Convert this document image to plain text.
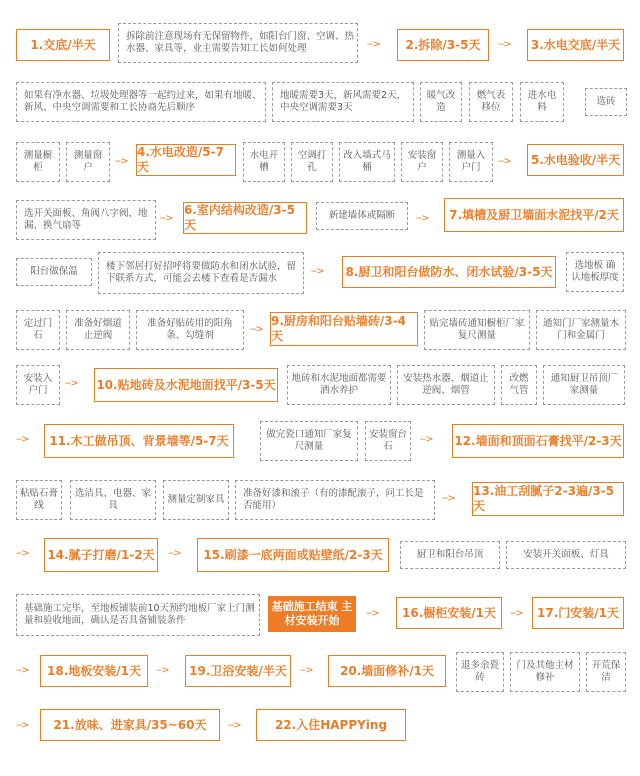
1.交底/半天
拆除前注意现场有无保留物件，如阳台门窗、空调、热水器、家具等，业主需要告知工长如何处理	-->	2.拆除/3-5天	-->	3.水电交底/半天
如果有净水器、垃圾处理器等一起约过来，如果有地暖、新风、中央空调需要和工长协商先后顺序
地暖需要3天，新风需要2天，中央空调需要3天
暖气改造
燃气表移位
进水电料
选砖
测量橱柜
测量窗户
-->
4.水电改造/5-7天
水电开槽
空调打孔
改入墙式马桶
安装窗户
测量入户门
-->	5.水电验收/半天
选开关面板、角阀八字阀、地漏、换气扇等
-->
6.室内结构改造/3-5天
新建墙体或隔断	-->	7.填槽及厨卫墙面水泥找平/2天
阳台做保温	楼下邻居打好招呼将要做防水和闭水试验，留下联系方式，可能会去楼下查看是否漏水
--> 8.厨卫和阳台做防水、闭水试验/3-5天	选地板 确认地板厚度
定过门石
准备好烟道止逆阀
准备好贴砖用的阳角条、勾缝剂
-->
9.厨房和阳台贴墙砖/3-4天
贴完墙砖通知橱柜厂家复尺测量
通知门厂家测量木门和金属门
安装入户门
--> 10.贴地砖及水泥地面找平/3-5天	地砖和水泥地面都需要洒水养护
安装热水器、烟道止逆阀、烟管
改燃气管
通知厨卫吊顶厂家测量
-->	11.木工做吊顶、背景墙等/5-7天	做完瓷口通知厂家复尺测量
安装窗台石
--> 12.墙面和顶面石膏找平/2-3天
粘贴石膏线
选洁具、电器、家具
测量定制家具
准备好漆和滚子（有的漆配滚子，问工长是否能用）
-->
13.油工刮腻子2-3遍/3-5天
--> 14.腻子打磨/1-2天	-->	15.刷漆一底两面或贴壁纸/2-3天	厨卫和阳台吊顶	安装开关面板、灯具
基础施工完毕，至地板铺装前10天预约地板厂家上门测量和验收地面，确认是否具备铺装条件
基础施工结束 主材安装开始
-->	16.橱柜安装/1天	-->	17.门安装/1天
-->	18.地板安装/1天	-->	19.卫浴安装/半天	-->	20.墙面修补/1天	退多余瓷砖
门及其他主材修补
开荒保洁
-->	21.放味、进家具/35~60天	-->	22.入住HAPPYing
